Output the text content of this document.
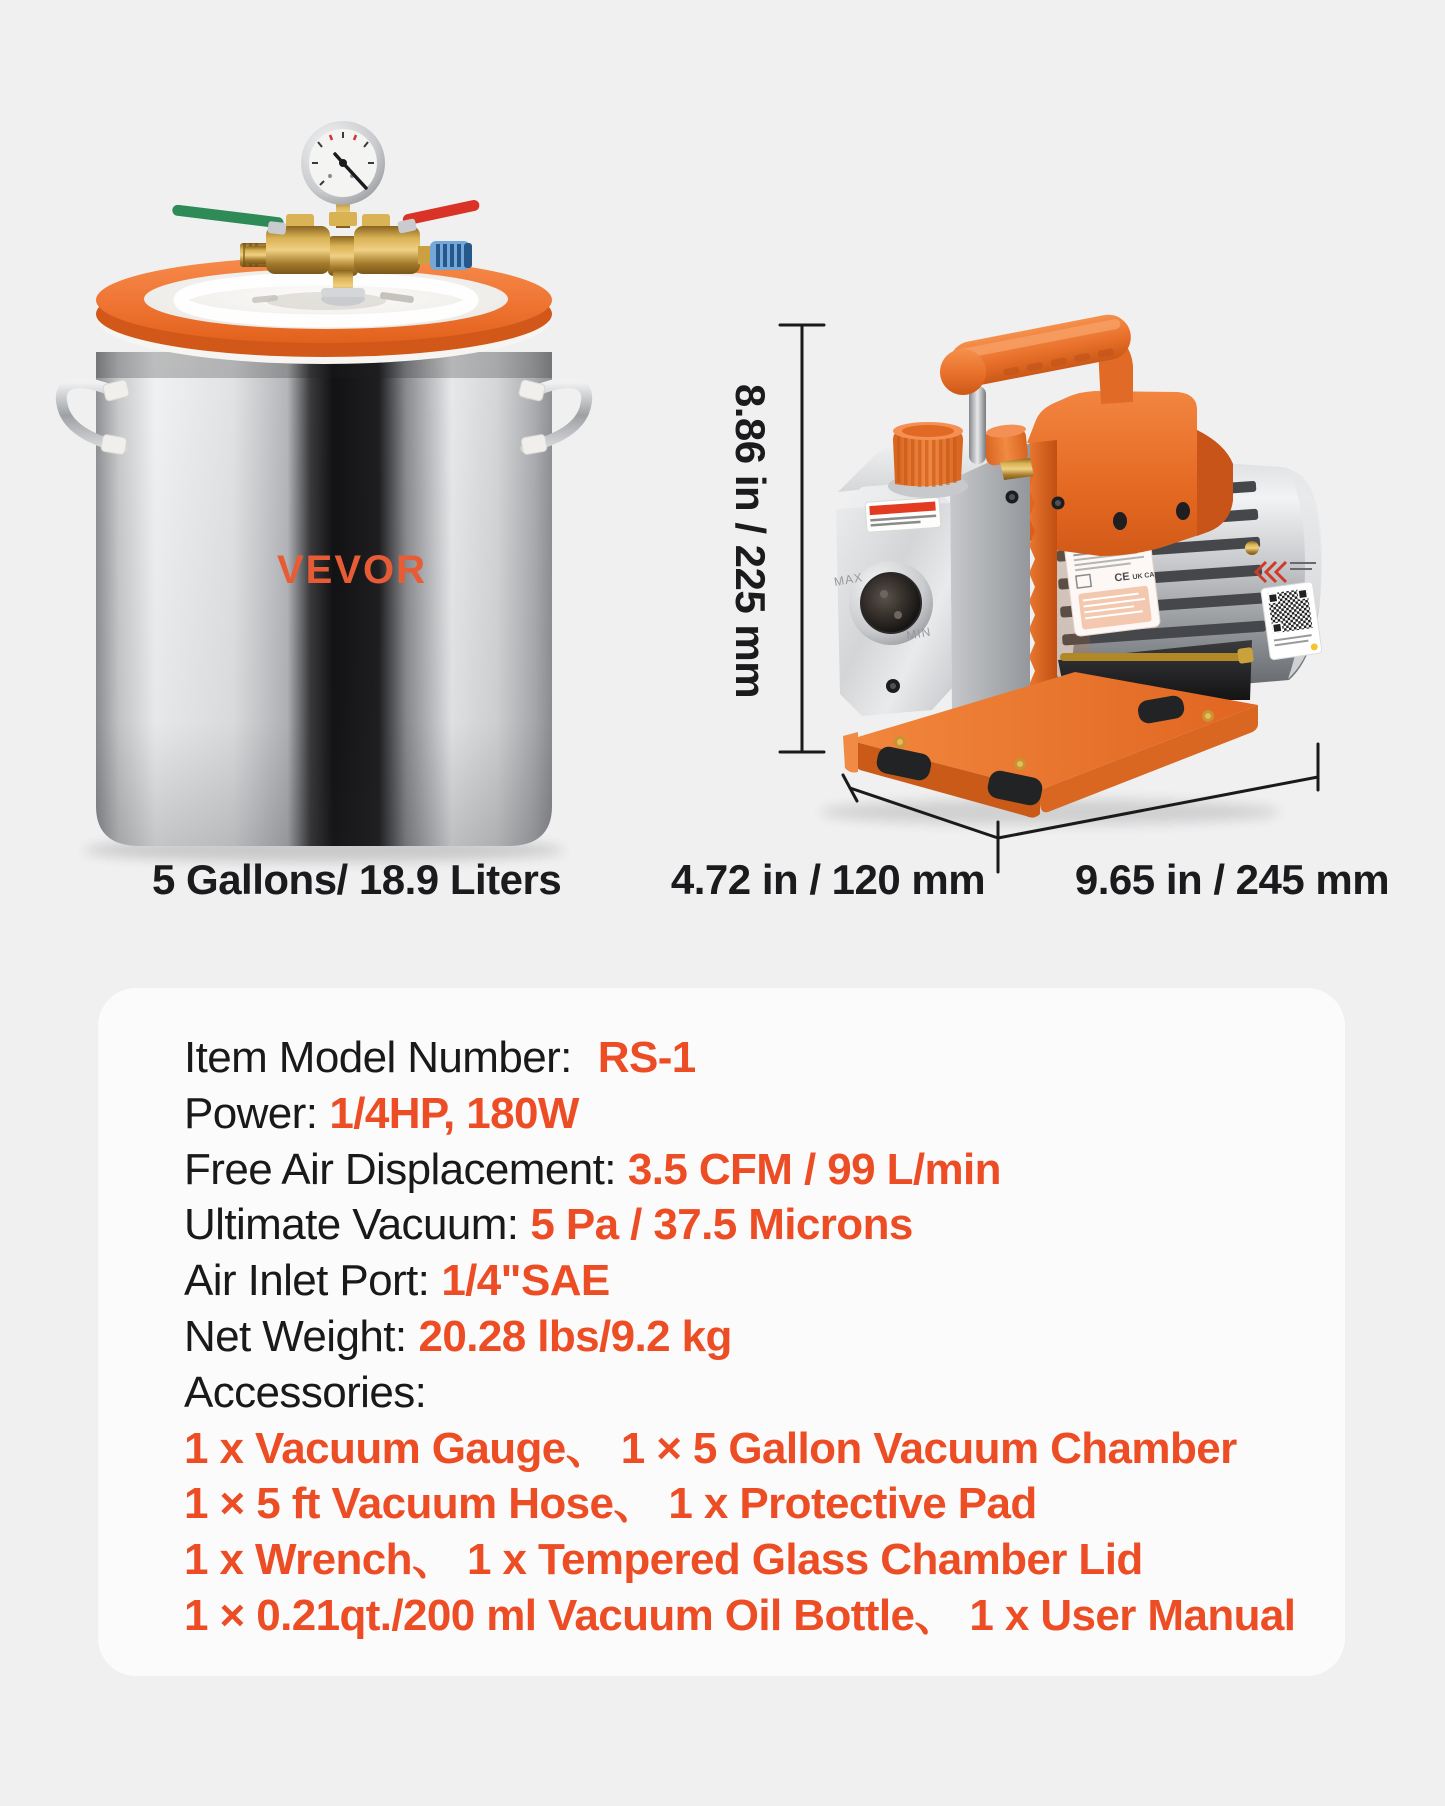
CE UK CA
MAX
MIN
VEVOR	8.86 in / 225 mm
5 Gallons/ 18.9 Liters	4.72 in / 120 mm	9.65 in / 245 mm
Item Model Number: RS-1
Power: 1/4HP, 180W
Free Air Displacement: 3.5 CFM / 99 L/min
Ultimate Vacuum: 5 Pa / 37.5 Microns
Air Inlet Port: 1/4"SAE
Net Weight: 20.28 lbs/9.2 kg
Accessories:
1 x Vacuum Gauge、 1 × 5 Gallon Vacuum Chamber
1 × 5 ft Vacuum Hose、 1 x Protective Pad
1 x Wrench、 1 x Tempered Glass Chamber Lid
1 × 0.21qt./200 ml Vacuum Oil Bottle、 1 x User Manual
